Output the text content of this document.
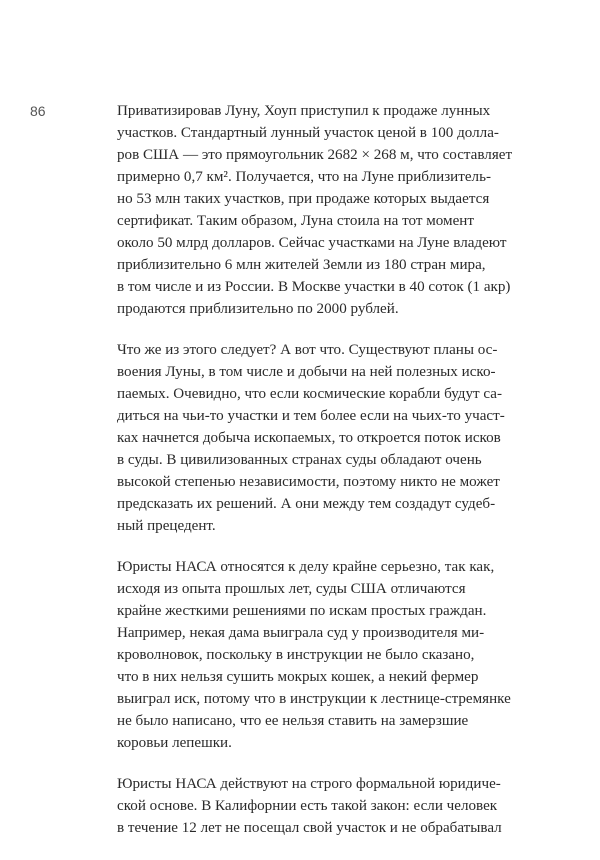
86	Приватизировав Луну, Хоуп приступил к продаже лунных
участков. Стандартный лунный участок ценой в 100 долла-
ров США — это прямоугольник 2682 × 268 м, что составляет
примерно 0,7 км². Получается, что на Луне приблизитель-
но 53 млн таких участков, при продаже которых выдается
сертификат. Таким образом, Луна стоила на тот момент
около 50 млрд долларов. Сейчас участками на Луне владеют
приблизительно 6 млн жителей Земли из 180 стран мира,
в том числе и из России. В Москве участки в 40 соток (1 акр)
продаются приблизительно по 2000 рублей.

Что же из этого следует? А вот что. Существуют планы ос-
воения Луны, в том числе и добычи на ней полезных иско-
паемых. Очевидно, что если космические корабли будут са-
диться на чьи-то участки и тем более если на чьих-то участ-
ках начнется добыча ископаемых, то откроется поток исков
в суды. В цивилизованных странах суды обладают очень
высокой степенью независимости, поэтому никто не может
предсказать их решений. А они между тем создадут судеб-
ный прецедент.

Юристы НАСА относятся к делу крайне серьезно, так как,
исходя из опыта прошлых лет, суды США отличаются
крайне жесткими решениями по искам простых граждан.
Например, некая дама выиграла суд у производителя ми-
кроволновок, поскольку в инструкции не было сказано,
что в них нельзя сушить мокрых кошек, а некий фермер
выиграл иск, потому что в инструкции к лестнице-стремянке
не было написано, что ее нельзя ставить на замерзшие
коровьи лепешки.

Юристы НАСА действуют на строго формальной юридиче-
ской основе. В Калифорнии есть такой закон: если человек
в течение 12 лет не посещал свой участок и не обрабатывал
